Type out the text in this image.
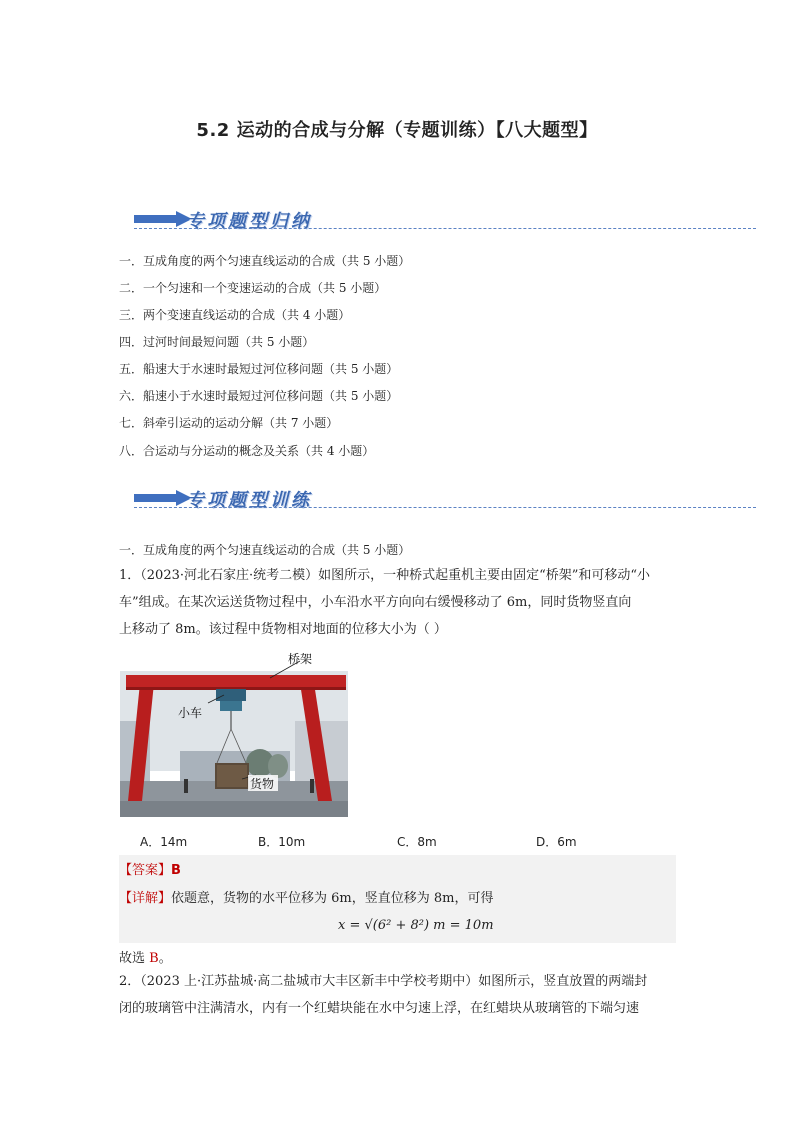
5.2 运动的合成与分解（专题训练）【八大题型】
专项题型归纳
一．互成角度的两个匀速直线运动的合成（共 5 小题）
二．一个匀速和一个变速运动的合成（共 5 小题）
三．两个变速直线运动的合成（共 4 小题）
四．过河时间最短问题（共 5 小题）
五．船速大于水速时最短过河位移问题（共 5 小题）
六．船速小于水速时最短过河位移问题（共 5 小题）
七．斜牵引运动的运动分解（共 7 小题）
八．合运动与分运动的概念及关系（共 4 小题）
专项题型训练
一．互成角度的两个匀速直线运动的合成（共 5 小题）
1．（2023·河北石家庄·统考二模）如图所示，一种桥式起重机主要由固定“桥架”和可移动“小
车”组成。在某次运送货物过程中，小车沿水平方向向右缓慢移动了 6m，同时货物竖直向
上移动了 8m。该过程中货物相对地面的位移大小为（ ）
桥架
小车
货物
A．14m	B．10m	C．8m	D．6m
【答案】B
【详解】依题意，货物的水平位移为 6m，竖直位移为 8m，可得
x = √(6² + 8²) m = 10m
故选 B。
2．（2023 上·江苏盐城·高二盐城市大丰区新丰中学校考期中）如图所示，竖直放置的两端封
闭的玻璃管中注满清水，内有一个红蜡块能在水中匀速上浮，在红蜡块从玻璃管的下端匀速
